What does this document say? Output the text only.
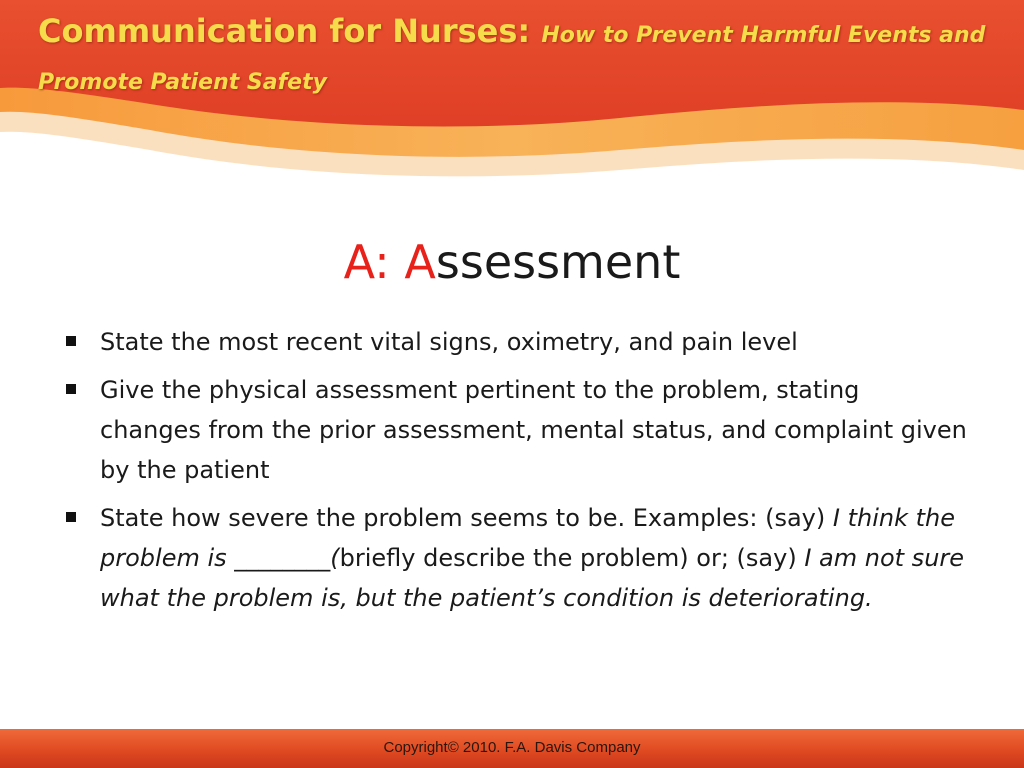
Communication for Nurses: How to Prevent Harmful Events and Promote Patient Safety
A: Assessment
State the most recent vital signs, oximetry, and pain level
Give the physical assessment pertinent to the problem, stating changes from the prior assessment, mental status, and complaint given by the patient
State how severe the problem seems to be. Examples: (say) I think the problem is ________(briefly describe the problem) or; (say) I am not sure what the problem is, but the patient’s condition is deteriorating.
Copyright© 2010. F.A. Davis Company
